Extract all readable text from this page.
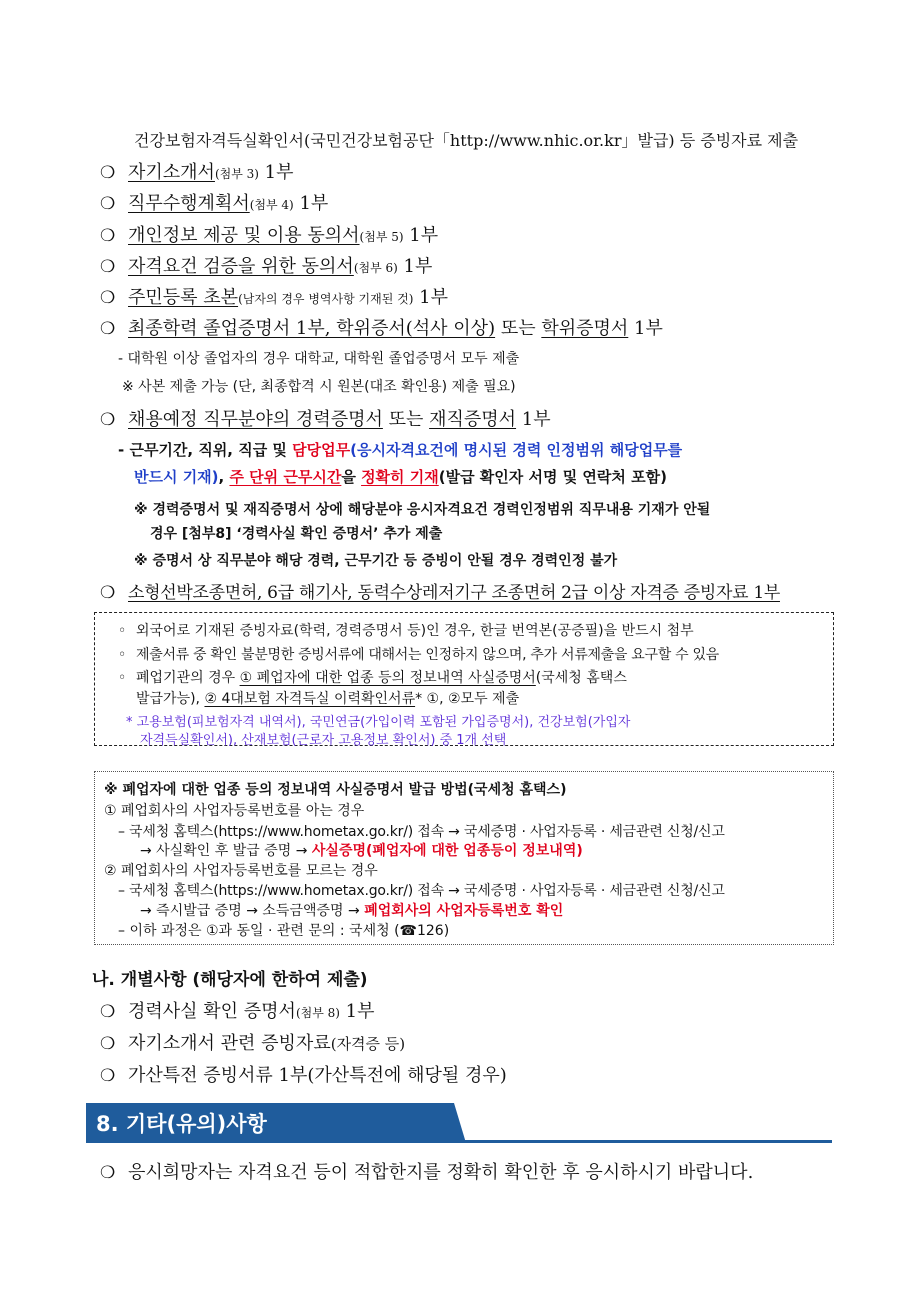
건강보험자격득실확인서(국민건강보험공단「http://www.nhic.or.kr」발급) 등 증빙자료 제출
❍ 자기소개서(첨부 3) 1부
❍ 직무수행계획서(첨부 4) 1부
❍ 개인정보 제공 및 이용 동의서(첨부 5) 1부
❍ 자격요건 검증을 위한 동의서(첨부 6) 1부
❍ 주민등록 초본(남자의 경우 병역사항 기재된 것) 1부
❍ 최종학력 졸업증명서 1부, 학위증서(석사 이상) 또는 학위증명서 1부
- 대학원 이상 졸업자의 경우 대학교, 대학원 졸업증명서 모두 제출
※ 사본 제출 가능 (단, 최종합격 시 원본(대조 확인용) 제출 필요)
❍ 채용예정 직무분야의 경력증명서 또는 재직증명서 1부
- 근무기간, 직위, 직급 및 담당업무(응시자격요건에 명시된 경력 인정범위 해당업무를
반드시 기재), 주 단위 근무시간을 정확히 기재(발급 확인자 서명 및 연락처 포함)
※ 경력증명서 및 재직증명서 상에 해당분야 응시자격요건 경력인정범위 직무내용 기재가 안될
경우 [첨부8] ‘경력사실 확인 증명서’ 추가 제출
※ 증명서 상 직무분야 해당 경력, 근무기간 등 증빙이 안될 경우 경력인정 불가
❍ 소형선박조종면허, 6급 해기사, 동력수상레저기구 조종면허 2급 이상 자격증 증빙자료 1부
◦ 외국어로 기재된 증빙자료(학력, 경력증명서 등)인 경우, 한글 번역본(공증필)을 반드시 첨부
◦ 제출서류 중 확인 불분명한 증빙서류에 대해서는 인정하지 않으며, 추가 서류제출을 요구할 수 있음
◦ 폐업기관의 경우 ① 폐업자에 대한 업종 등의 정보내역 사실증명서(국세청 홈택스
발급가능), ② 4대보험 자격득실 이력확인서류* ①, ②모두 제출
* 고용보험(피보험자격 내역서), 국민연금(가입이력 포함된 가입증명서), 건강보험(가입자
자격득실확인서), 산재보험(근로자 고용정보 확인서) 중 1개 선택
※ 폐업자에 대한 업종 등의 정보내역 사실증명서 발급 방법(국세청 홈택스)
① 폐업회사의 사업자등록번호를 아는 경우
– 국세청 홈텍스(https://www.hometax.go.kr/) 접속 → 국세증명 · 사업자등록 · 세금관련 신청/신고
→ 사실확인 후 발급 증명 → 사실증명(폐업자에 대한 업종등이 정보내역)
② 폐업회사의 사업자등록번호를 모르는 경우
– 국세청 홈텍스(https://www.hometax.go.kr/) 접속 → 국세증명 · 사업자등록 · 세금관련 신청/신고
→ 즉시발급 증명 → 소득금액증명 → 폐업회사의 사업자등록번호 확인
– 이하 과정은 ①과 동일 · 관련 문의 : 국세청 (☎126)
나. 개별사항 (해당자에 한하여 제출)
❍ 경력사실 확인 증명서(첨부 8) 1부
❍ 자기소개서 관련 증빙자료(자격증 등)
❍ 가산특전 증빙서류 1부(가산특전에 해당될 경우)
8. 기타(유의)사항
❍ 응시희망자는 자격요건 등이 적합한지를 정확히 확인한 후 응시하시기 바랍니다.
